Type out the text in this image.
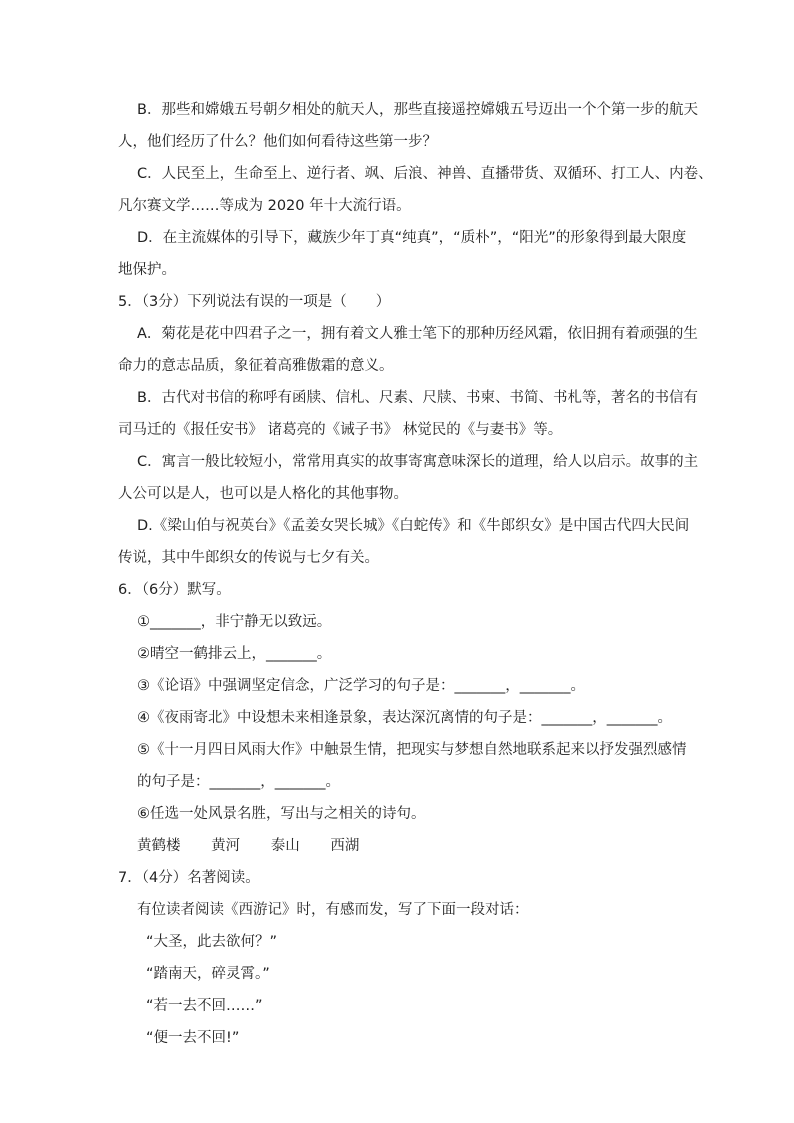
B．那些和嫦娥五号朝夕相处的航天人，那些直接遥控嫦娥五号迈出一个个第一步的航天
人，他们经历了什么？他们如何看待这些第一步？
C．人民至上，生命至上、逆行者、飒、后浪、神兽、直播带货、双循环、打工人、内卷、
凡尔赛文学……等成为 2020 年十大流行语。
D．在主流媒体的引导下，藏族少年丁真“纯真”，“质朴”，“阳光”的形象得到最大限度
地保护。
5．（3分）下列说法有误的一项是（　　）
A．菊花是花中四君子之一，拥有着文人雅士笔下的那种历经风霜，依旧拥有着顽强的生
命力的意志品质，象征着高雅傲霜的意义。
B．古代对书信的称呼有函牍、信札、尺素、尺牍、书柬、书简、书札等，著名的书信有
司马迁的《报任安书》 诸葛亮的《诫子书》 林觉民的《与妻书》等。
C．寓言一般比较短小，常常用真实的故事寄寓意味深长的道理，给人以启示。故事的主
人公可以是人，也可以是人格化的其他事物。
D.《梁山伯与祝英台》《孟姜女哭长城》《白蛇传》和《牛郎织女》是中国古代四大民间
传说，其中牛郎织女的传说与七夕有关。
6．（6分）默写。
①_______，非宁静无以致远。
②晴空一鹤排云上，_______。
③《论语》中强调坚定信念，广泛学习的句子是：_______，_______。
④《夜雨寄北》中设想未来相逢景象，表达深沉离情的句子是：_______，_______。
⑤《十一月四日风雨大作》中触景生情，把现实与梦想自然地联系起来以抒发强烈感情
的句子是：_______，_______。
⑥任选一处风景名胜，写出与之相关的诗句。
黄鹤楼 黄河 泰山 西湖
7．（4分）名著阅读。
有位读者阅读《西游记》时，有感而发，写了下面一段对话：
“大圣，此去欲何？”
“踏南天，碎灵霄。”
“若一去不回……”
“便一去不回!”
